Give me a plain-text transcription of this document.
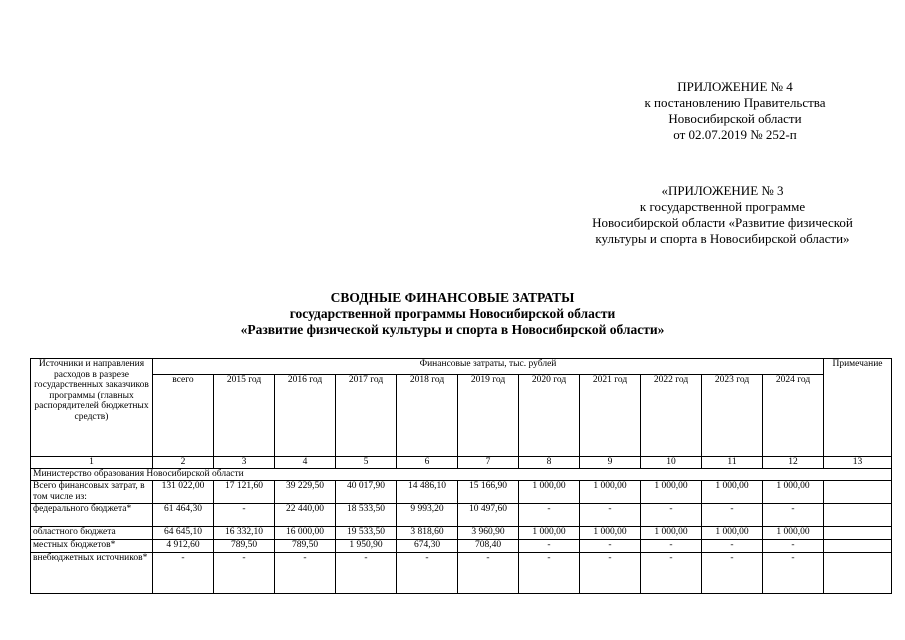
ПРИЛОЖЕНИЕ № 4
к постановлению Правительства
Новосибирской области
от 02.07.2019 № 252-п
«ПРИЛОЖЕНИЕ № 3
к государственной программе
Новосибирской области «Развитие физической
культуры и спорта в Новосибирской области»
СВОДНЫЕ ФИНАНСОВЫЕ ЗАТРАТЫ
государственной программы Новосибирской области
«Развитие физической культуры и спорта в Новосибирской области»
Источники и направления расходов в разрезе государственных заказчиков программы (главных распорядителей бюджетных средств)	Финансовые затраты, тыс. рублей											Примечание
	всего	2015 год	2016 год	2017 год	2018 год	2019 год	2020 год	2021 год	2022 год	2023 год	2024 год	
1	2	3	4	5	6	7	8	9	10	11	12	13
Министерство образования Новосибирской области												
Всего финансовых затрат, в том числе из:	131 022,00	17 121,60	39 229,50	40 017,90	14 486,10	15 166,90	1 000,00	1 000,00	1 000,00	1 000,00	1 000,00	
федерального бюджета*	61 464,30	-	22 440,00	18 533,50	9 993,20	10 497,60	-	-	-	-	-	
областного бюджета	64 645,10	16 332,10	16 000,00	19 533,50	3 818,60	3 960,90	1 000,00	1 000,00	1 000,00	1 000,00	1 000,00	
местных бюджетов*	4 912,60	789,50	789,50	1 950,90	674,30	708,40	-	-	-	-	-	
внебюджетных источников*	-	-	-	-	-	-	-	-	-	-	-	
